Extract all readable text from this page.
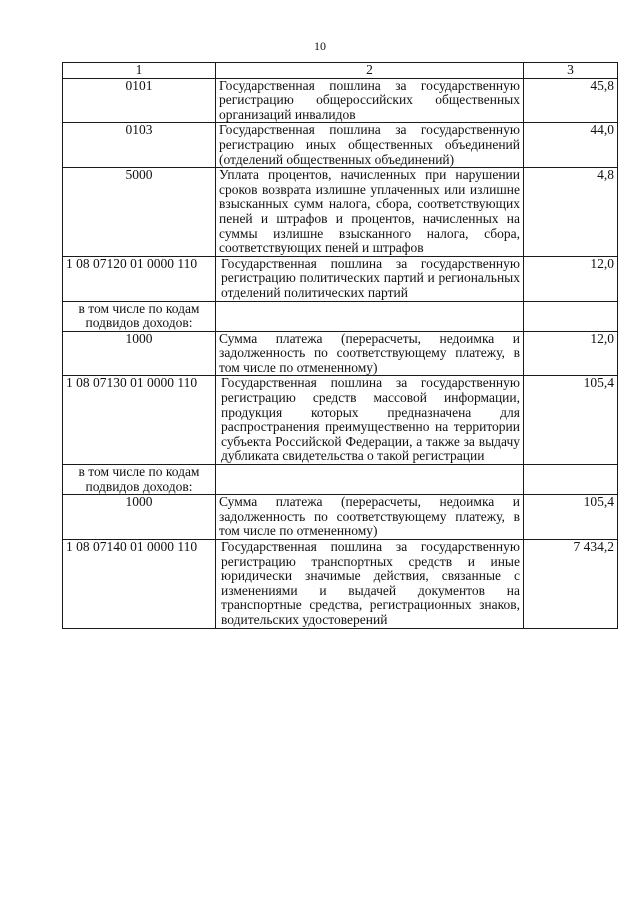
10
1	2	3
0101	Государственная пошлина за государственную регистрацию общероссийских общественных организаций инвалидов	45,8
0103	Государственная пошлина за государственную регистрацию иных общественных объединений (отделений общественных объединений)	44,0
5000	Уплата процентов, начисленных при нарушении сроков возврата излишне уплаченных или излишне взысканных сумм налога, сбора, соответствующих пеней и штрафов и процентов, начисленных на суммы излишне взысканного налога, сбора, соответствующих пеней и штрафов	4,8
1 08 07120 01 0000 110	Государственная пошлина за государственную регистрацию политических партий и региональных отделений политических партий	12,0
в том числе по кодам подвидов доходов:		
1000	Сумма платежа (перерасчеты, недоимка и задолженность по соответствующему платежу, в том числе по отмененному)	12,0
1 08 07130 01 0000 110	Государственная пошлина за государственную регистрацию средств массовой информации, продукция которых предназначена для распространения преимущественно на территории субъекта Российской Федерации, а также за выдачу дубликата свидетельства о такой регистрации	105,4
в том числе по кодам подвидов доходов:		
1000	Сумма платежа (перерасчеты, недоимка и задолженность по соответствующему платежу, в том числе по отмененному)	105,4
1 08 07140 01 0000 110	Государственная пошлина за государственную регистрацию транспортных средств и иные юридически значимые действия, связанные с изменениями и выдачей документов на транспортные средства, регистрационных знаков, водительских удостоверений	7 434,2
